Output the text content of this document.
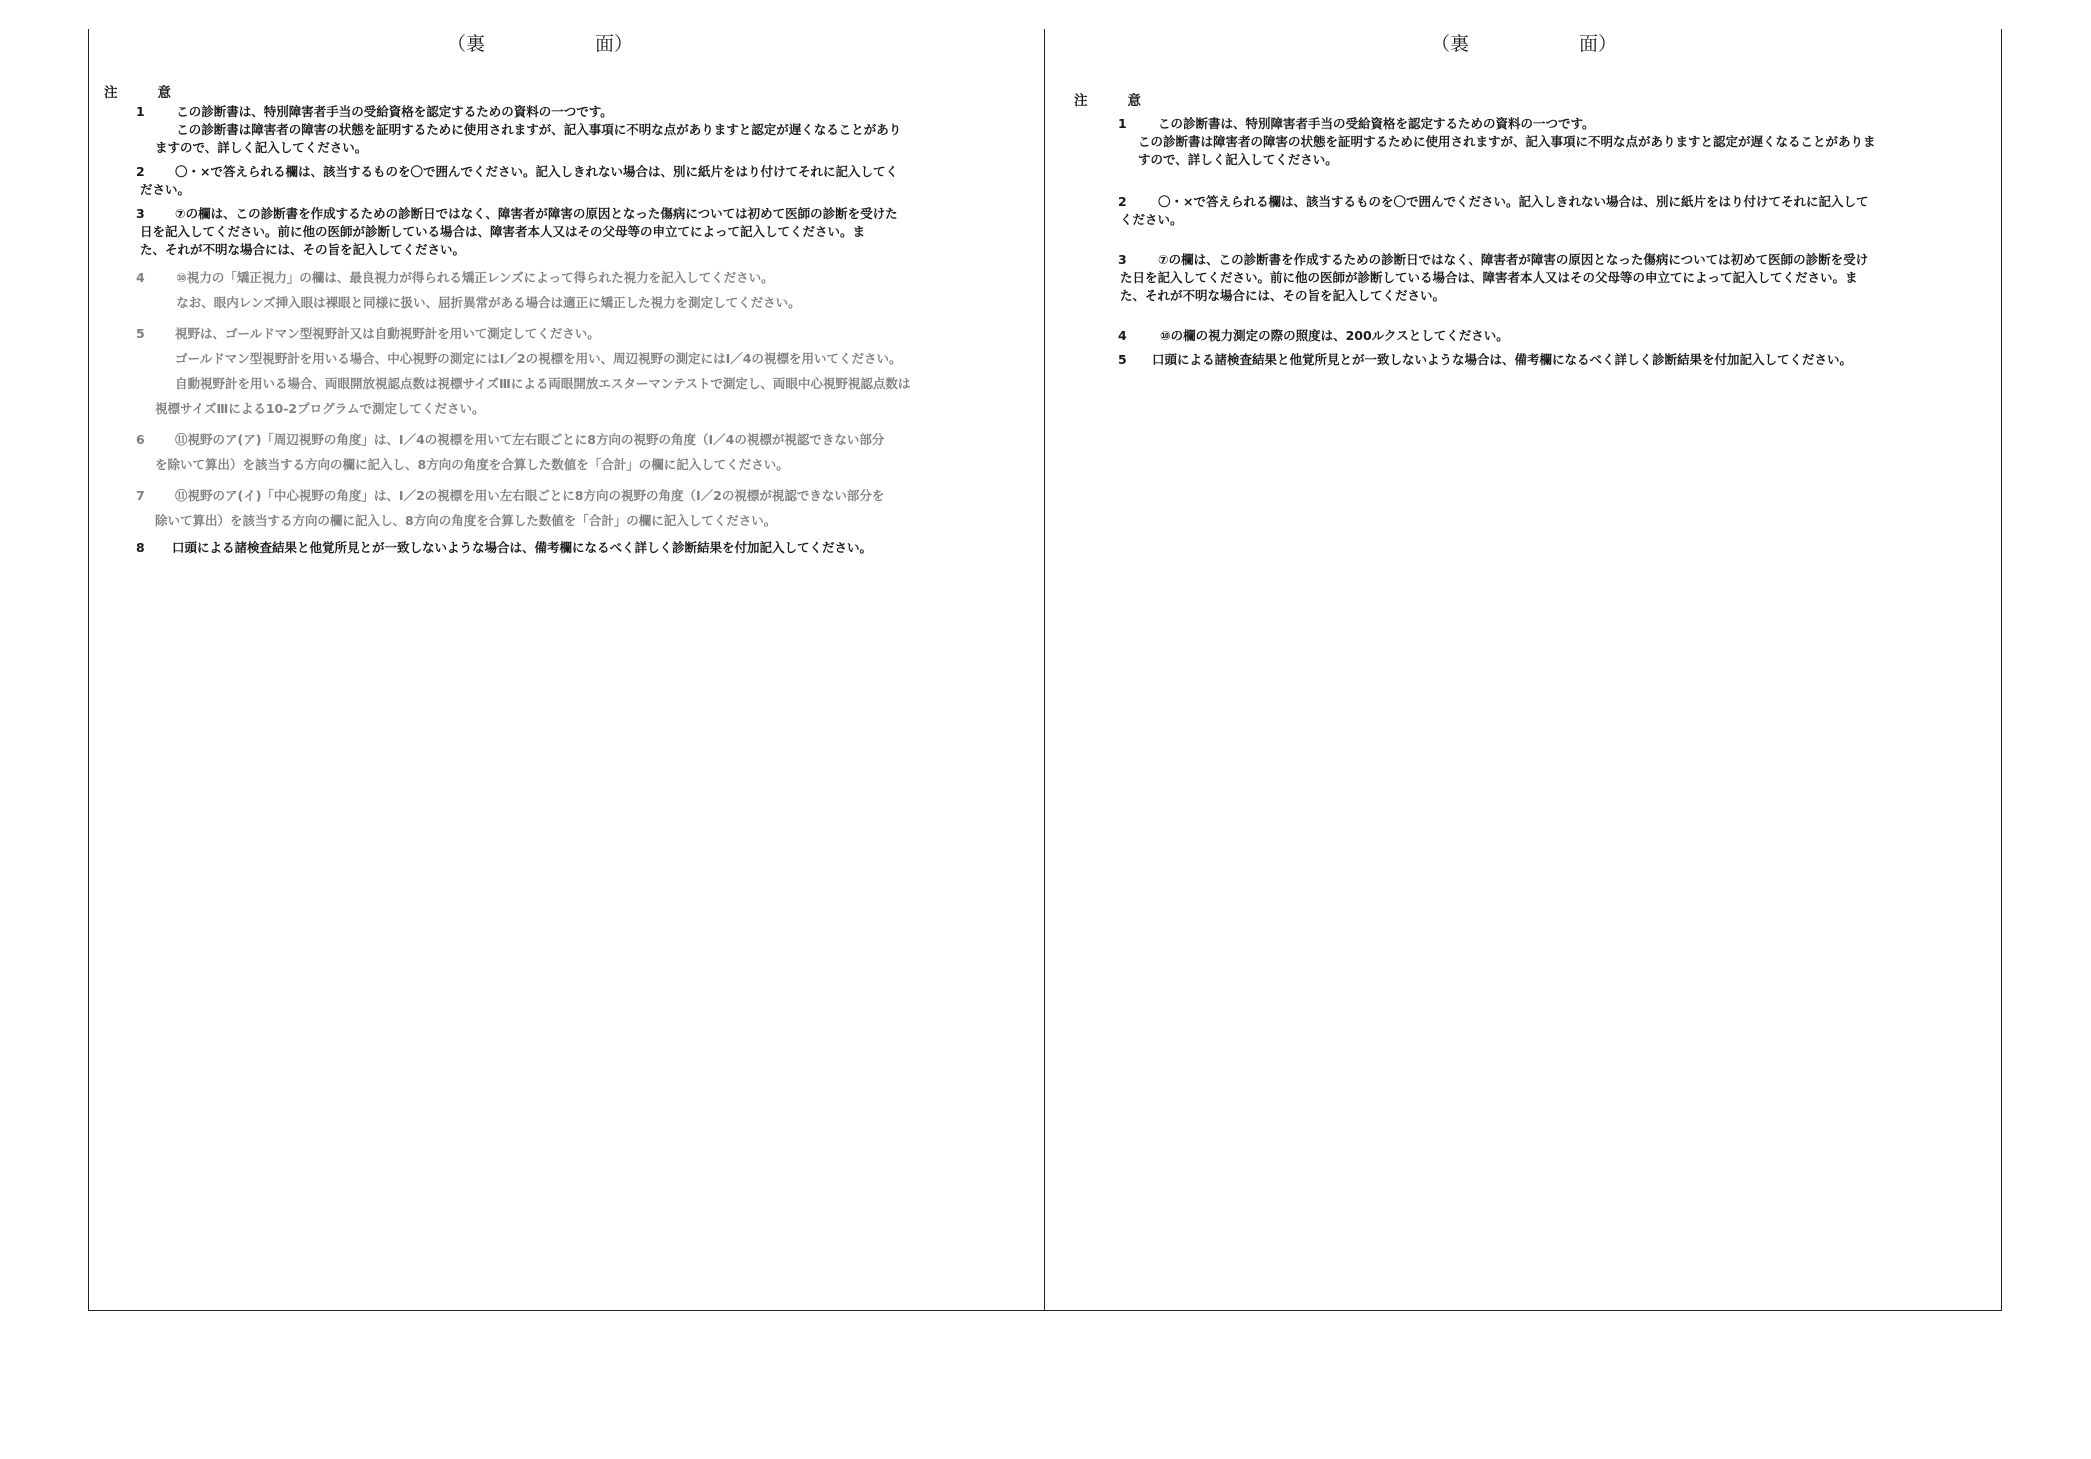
（裏	面）
注	意
1	この診断書は、特別障害者手当の受給資格を認定するための資料の一つです。

この診断書は障害者の障害の状態を証明するために使用されますが、記入事項に不明な点がありますと認定が遅くなることがあり

ますので、詳しく記入してください。

2	〇・×で答えられる欄は、該当するものを〇で囲んでください。記入しきれない場合は、別に紙片をはり付けてそれに記入してく

ださい。

3	⑦の欄は、この診断書を作成するための診断日ではなく、障害者が障害の原因となった傷病については初めて医師の診断を受けた

日を記入してください。前に他の医師が診断している場合は、障害者本人又はその父母等の申立てによって記入してください。ま

た、それが不明な場合には、その旨を記入してください。

4	⑩視力の「矯正視力」の欄は、最良視力が得られる矯正レンズによって得られた視力を記入してください。

なお、眼内レンズ挿入眼は裸眼と同様に扱い、屈折異常がある場合は適正に矯正した視力を測定してください。

5	視野は、ゴールドマン型視野計又は自動視野計を用いて測定してください。

ゴールドマン型視野計を用いる場合、中心視野の測定にはⅠ／2の視標を用い、周辺視野の測定にはⅠ／4の視標を用いてください。

自動視野計を用いる場合、両眼開放視認点数は視標サイズⅢによる両眼開放エスターマンテストで測定し、両眼中心視野視認点数は

視標サイズⅢによる10-2プログラムで測定してください。

6	⑪視野のア(ア)「周辺視野の角度」は、Ⅰ／4の視標を用いて左右眼ごとに8方向の視野の角度（Ⅰ／4の視標が視認できない部分

を除いて算出）を該当する方向の欄に記入し、8方向の角度を合算した数値を「合計」の欄に記入してください。

7	⑪視野のア(イ)「中心視野の角度」は、Ⅰ／2の視標を用い左右眼ごとに8方向の視野の角度（Ⅰ／2の視標が視認できない部分を

除いて算出）を該当する方向の欄に記入し、8方向の角度を合算した数値を「合計」の欄に記入してください。

8 口頭による諸検査結果と他覚所見とが一致しないような場合は、備考欄になるべく詳しく診断結果を付加記入してください。

（裏	面）
注	意
1	この診断書は、特別障害者手当の受給資格を認定するための資料の一つです。

この診断書は障害者の障害の状態を証明するために使用されますが、記入事項に不明な点がありますと認定が遅くなることがありま

すので、詳しく記入してください。

2	〇・×で答えられる欄は、該当するものを〇で囲んでください。記入しきれない場合は、別に紙片をはり付けてそれに記入して

ください。

3	⑦の欄は、この診断書を作成するための診断日ではなく、障害者が障害の原因となった傷病については初めて医師の診断を受け

た日を記入してください。前に他の医師が診断している場合は、障害者本人又はその父母等の申立てによって記入してください。ま

た、それが不明な場合には、その旨を記入してください。

4	⑩の欄の視力測定の際の照度は、200ルクスとしてください。

5 口頭による諸検査結果と他覚所見とが一致しないような場合は、備考欄になるべく詳しく診断結果を付加記入してください。
